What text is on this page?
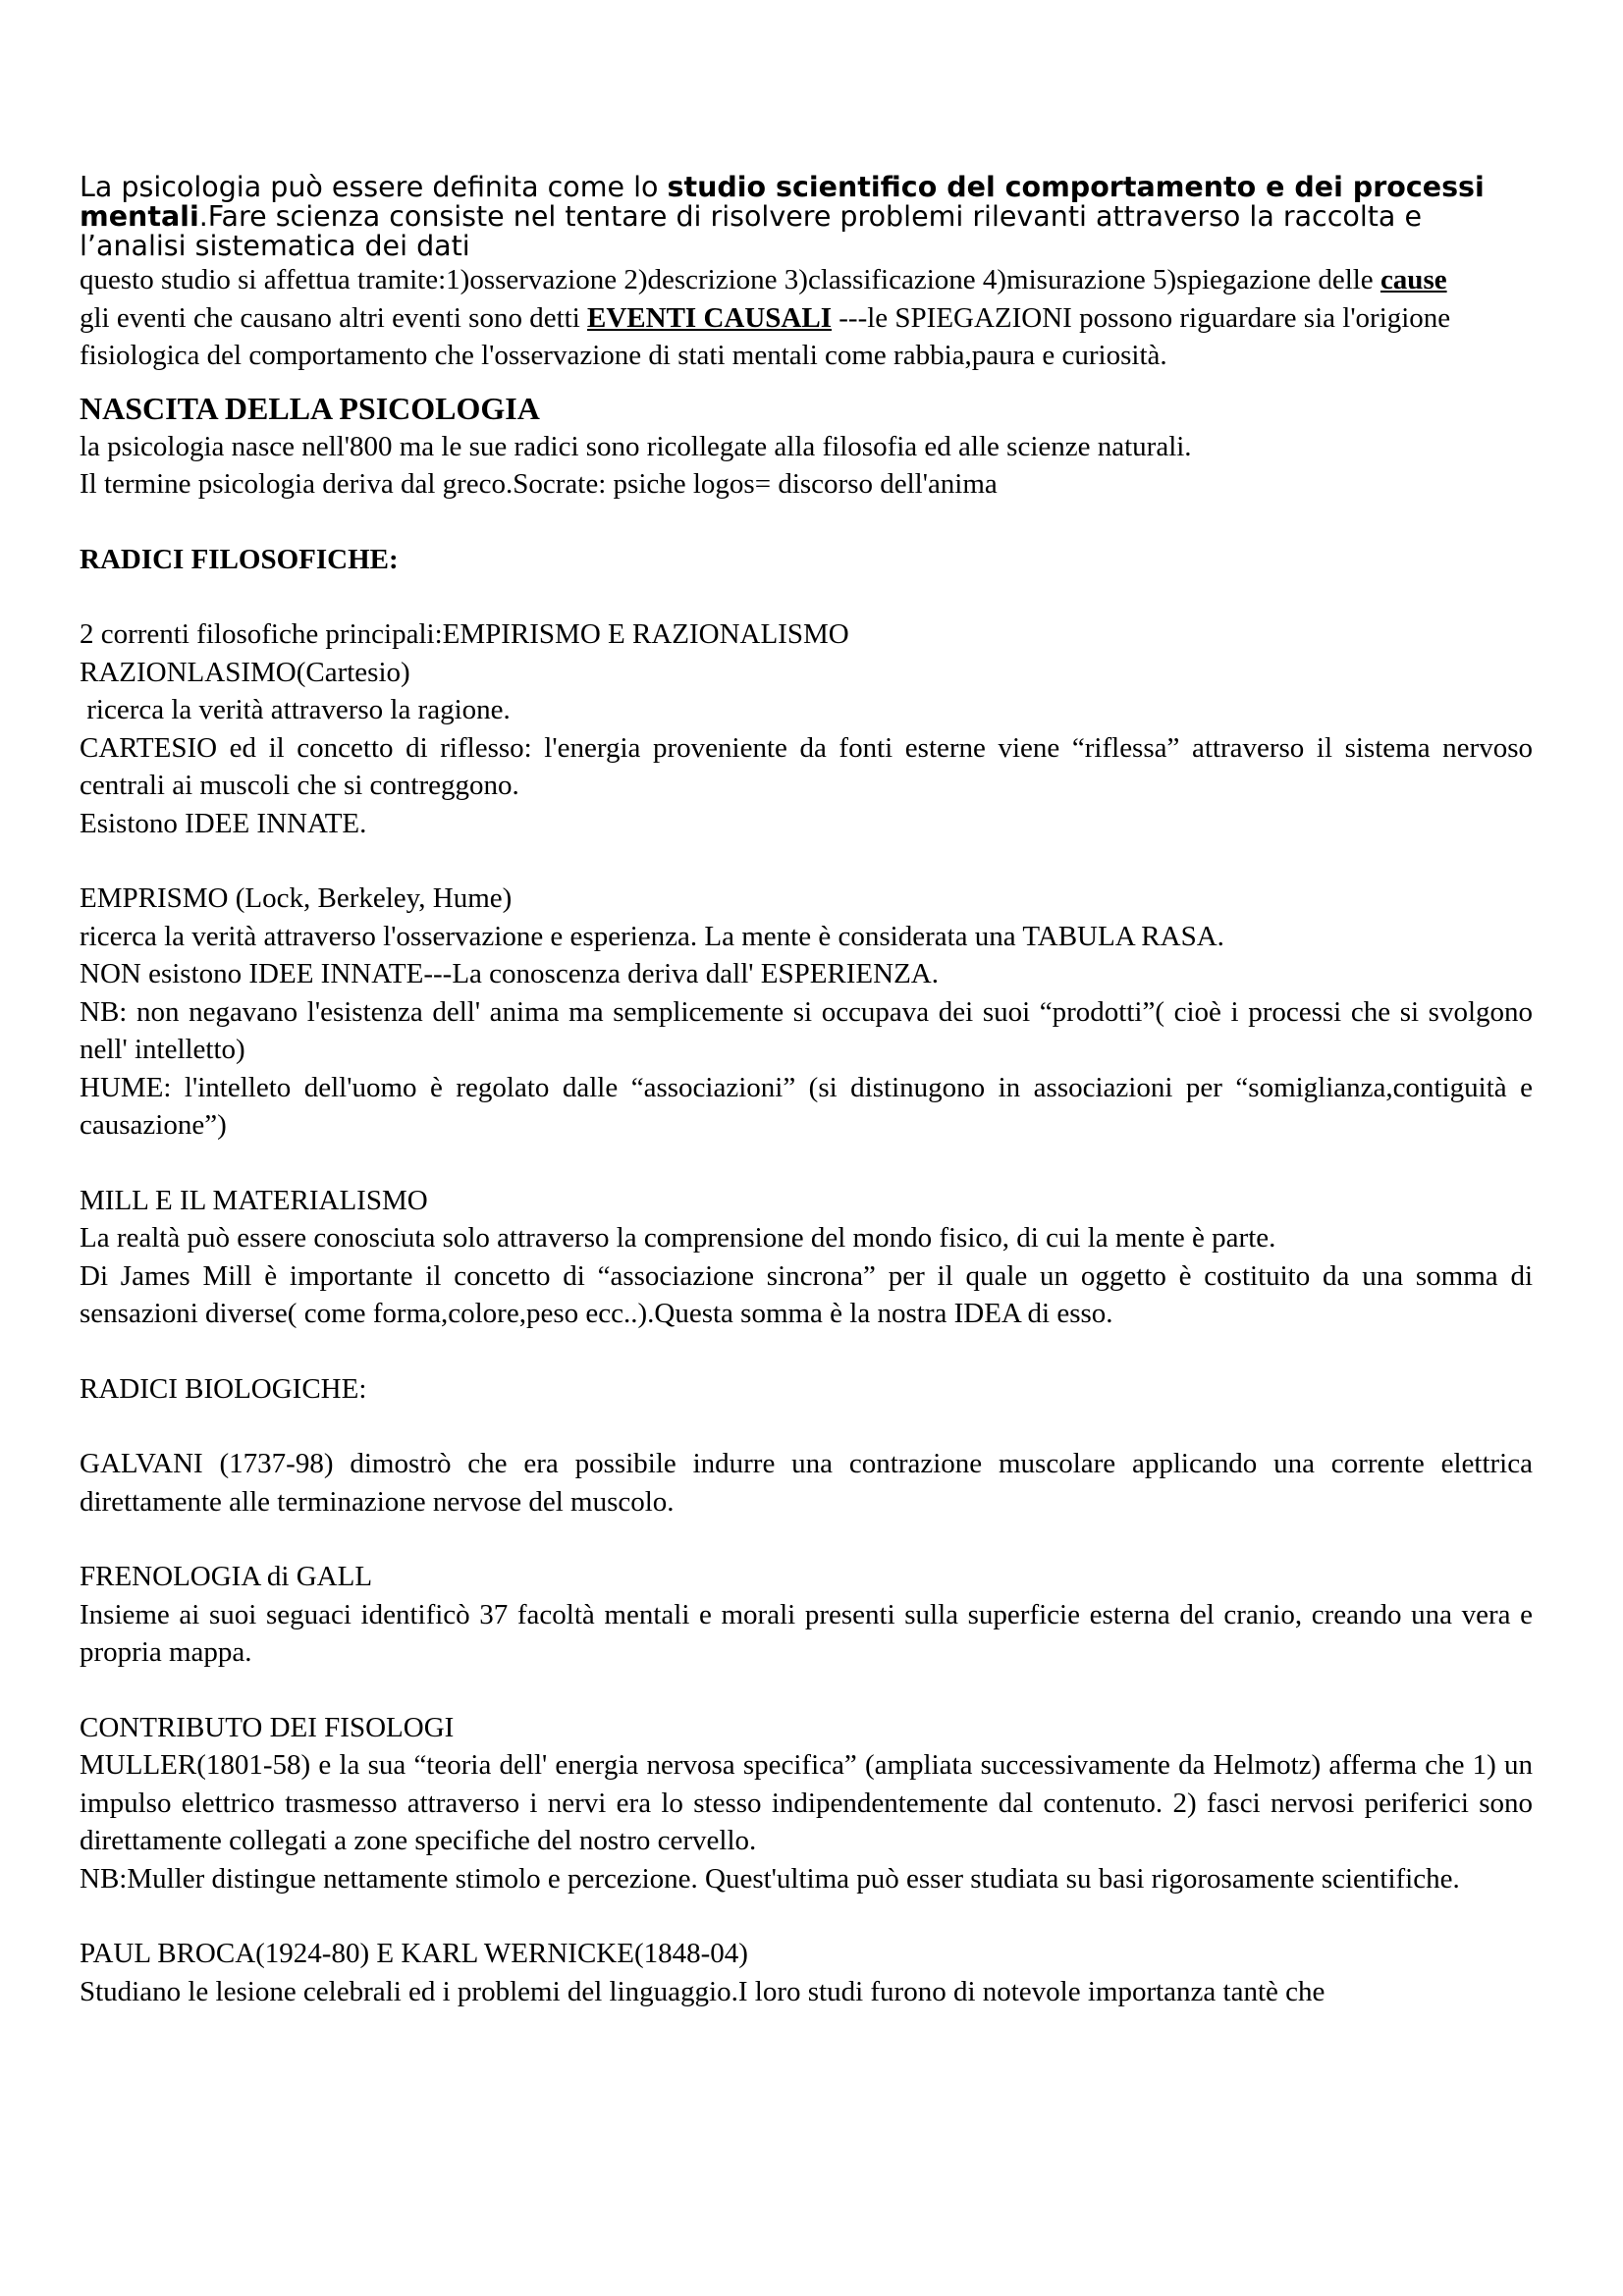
La psicologia può essere definita come lo studio scientifico del comportamento e dei processi mentali.Fare scienza consiste nel tentare di risolvere problemi rilevanti attraverso la raccolta e l’analisi sistematica dei dati

questo studio si affettua tramite:1)osservazione 2)descrizione 3)classificazione 4)misurazione 5)spiegazione delle cause

gli eventi che causano altri eventi sono detti EVENTI CAUSALI ---le SPIEGAZIONI possono riguardare sia l'origione fisiologica del comportamento che l'osservazione di stati mentali come rabbia,paura e curiosità.

NASCITA DELLA PSICOLOGIA

la psicologia nasce nell'800 ma le sue radici sono ricollegate alla filosofia ed alle scienze naturali.

Il termine psicologia deriva dal greco.Socrate: psiche logos= discorso dell'anima

RADICI FILOSOFICHE:

2 correnti filosofiche principali:EMPIRISMO E RAZIONALISMO

RAZIONLASIMO(Cartesio)

ricerca la verità attraverso la ragione.

CARTESIO ed il concetto di riflesso: l'energia proveniente da fonti esterne viene “riflessa” attraverso il sistema nervoso centrali ai muscoli che si contreggono.

Esistono IDEE INNATE.

EMPRISMO (Lock, Berkeley, Hume)

ricerca la verità attraverso l'osservazione e esperienza. La mente è considerata una TABULA RASA.

NON esistono IDEE INNATE---La conoscenza deriva dall' ESPERIENZA.

NB: non negavano l'esistenza dell' anima ma semplicemente si occupava dei suoi “prodotti”( cioè i processi che si svolgono nell' intelletto)

HUME: l'intelleto dell'uomo è regolato dalle “associazioni” (si distinugono in associazioni per “somiglianza,contiguità e causazione”)

MILL E IL MATERIALISMO

La realtà può essere conosciuta solo attraverso la comprensione del mondo fisico, di cui la mente è parte.

Di James Mill è importante il concetto di “associazione sincrona” per il quale un oggetto è costituito da una somma di sensazioni diverse( come forma,colore,peso ecc..).Questa somma è la nostra IDEA di esso.

RADICI BIOLOGICHE:

GALVANI (1737-98) dimostrò che era possibile indurre una contrazione muscolare applicando una corrente elettrica direttamente alle terminazione nervose del muscolo.

FRENOLOGIA di GALL

Insieme ai suoi seguaci identificò 37 facoltà mentali e morali presenti sulla superficie esterna del cranio, creando una vera e propria mappa.

CONTRIBUTO DEI FISOLOGI

MULLER(1801-58) e la sua “teoria dell' energia nervosa specifica” (ampliata successivamente da Helmotz) afferma che 1) un impulso elettrico trasmesso attraverso i nervi era lo stesso indipendentemente dal contenuto. 2) fasci nervosi periferici sono direttamente collegati a zone specifiche del nostro cervello.

NB:Muller distingue nettamente stimolo e percezione. Quest'ultima può esser studiata su basi rigorosamente scientifiche.

PAUL BROCA(1924-80) E KARL WERNICKE(1848-04)

Studiano le lesione celebrali ed i problemi del linguaggio.I loro studi furono di notevole importanza tantè che
